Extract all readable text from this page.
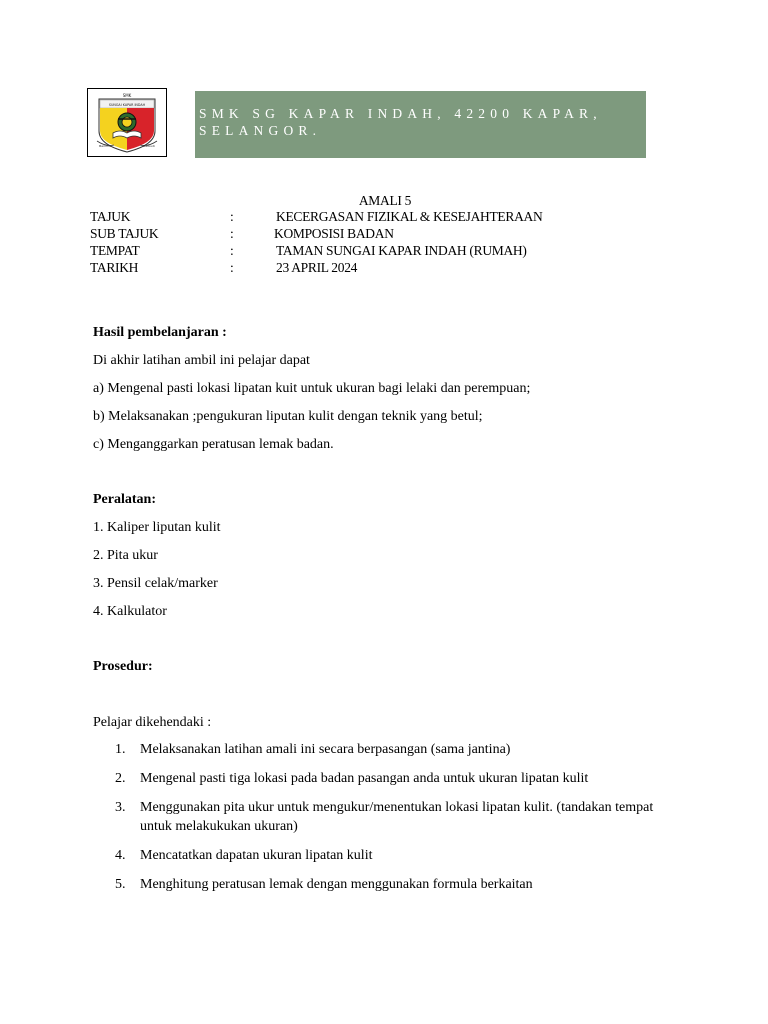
SMK
SUNGAI KAPAR INDAH
Berilmu	Berbudi

SMK SG KAPAR INDAH, 42200 KAPAR, SELANGOR.

AMALI 5
TAJUK	:	KECERGASAN FIZIKAL & KESEJAHTERAAN
SUB TAJUK	:	KOMPOSISI BADAN
TEMPAT	:	TAMAN SUNGAI KAPAR INDAH (RUMAH)
TARIKH	:	23 APRIL 2024
Hasil pembelanjaran :
Di akhir latihan ambil ini pelajar dapat
a) Mengenal pasti lokasi lipatan kuit untuk ukuran bagi lelaki dan perempuan;
b) Melaksanakan ;pengukuran liputan kulit dengan teknik yang betul;
c) Menganggarkan peratusan lemak badan.
Peralatan:
1. Kaliper liputan kulit
2. Pita ukur
3. Pensil celak/marker
4. Kalkulator
Prosedur:
Pelajar dikehendaki :
1. Melaksanakan latihan amali ini secara berpasangan (sama jantina)
2. Mengenal pasti tiga lokasi pada badan pasangan anda untuk ukuran lipatan kulit
3. Menggunakan pita ukur untuk mengukur/menentukan lokasi lipatan kulit. (tandakan tempat untuk melakukukan ukuran)
4. Mencatatkan dapatan ukuran lipatan kulit
5. Menghitung peratusan lemak dengan menggunakan formula berkaitan
